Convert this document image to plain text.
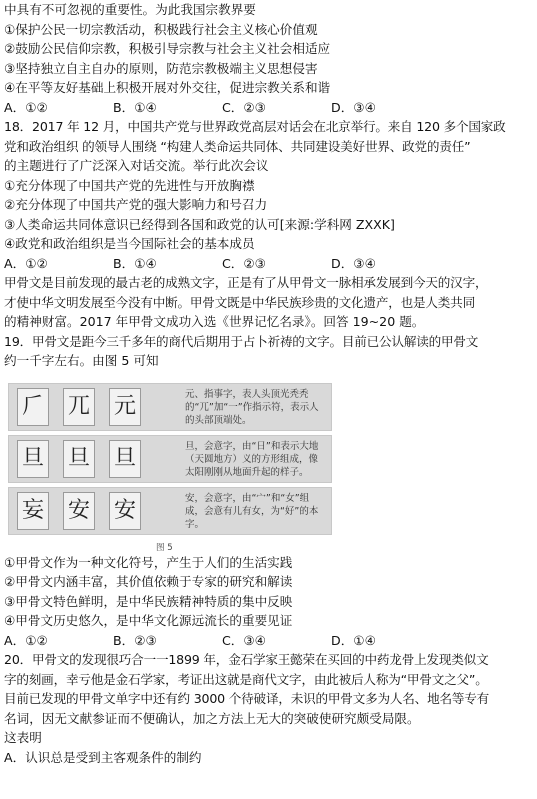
中具有不可忽视的重要性。为此我国宗教界要
①保护公民一切宗教活动，积极践行社会主义核心价值观
②鼓励公民信仰宗教，积极引导宗教与社会主义社会相适应
③坚持独立自主自办的原则，防范宗教极端主义思想侵害
④在平等友好基础上积极开展对外交往，促进宗教关系和谐
A．①②	B．①④	C．②③	D．③④
18．2017 年 12 月，中国共产党与世界政党高层对话会在北京举行。来自 120 多个国家政
党和政治组织 的领导人围绕 “构建人类命运共同体、共同建设美好世界、政党的责任”
的主题进行了广泛深入对话交流。举行此次会议
①充分体现了中国共产党的先进性与开放胸襟
②充分体现了中国共产党的强大影响力和号召力
③人类命运共同体意识已经得到各国和政党的认可[来源:学科网 ZXXK]
④政党和政治组织是当今国际社会的基本成员
A．①②	B．①④	C．②③	D．③④
甲骨文是目前发现的最古老的成熟文字，正是有了从甲骨文一脉相承发展到今天的汉字，
才使中华文明发展至今没有中断。甲骨文既是中华民族珍贵的文化遗产，也是人类共同
的精神财富。2017 年甲骨文成功入选《世界记忆名录》。回答 19~20 题。
19．甲骨文是距今三千多年的商代后期用于占卜祈祷的文字。目前已公认解读的甲骨文
约一千字左右。由图 5 可知
𠂆 兀 元	元、指事字，表人头顶光秃秃的“兀”加“一”作指示符，表示人的头部顶端处。
旦 旦 旦	旦，会意字，由“日”和表示大地（天圆地方）义的方形组成，像太阳刚刚从地面升起的样子。
妄 安 安	安，会意字，由“宀”和“女”组成，会意有儿有女，为“好”的本字。
图 5
①甲骨文作为一种文化符号，产生于人们的生活实践
②甲骨文内涵丰富，其价值依赖于专家的研究和解读
③甲骨文特色鲜明，是中华民族精神特质的集中反映
④甲骨文历史悠久，是中华文化源远流长的重要见证
A．①②	B．②③	C．③④	D．①④
20．甲骨文的发现很巧合一一1899 年，金石学家王懿荣在买回的中药龙骨上发现类似文
字的刻画，幸亏他是金石学家，考证出这就是商代文字，由此被后人称为“甲骨文之父”。
目前已发现的甲骨文单字中还有约 3000 个待破译，未识的甲骨文多为人名、地名等专有
名词，因无文献参证而不便确认，加之方法上无大的突破使研究颇受局限。
这表明
A．认识总是受到主客观条件的制约
